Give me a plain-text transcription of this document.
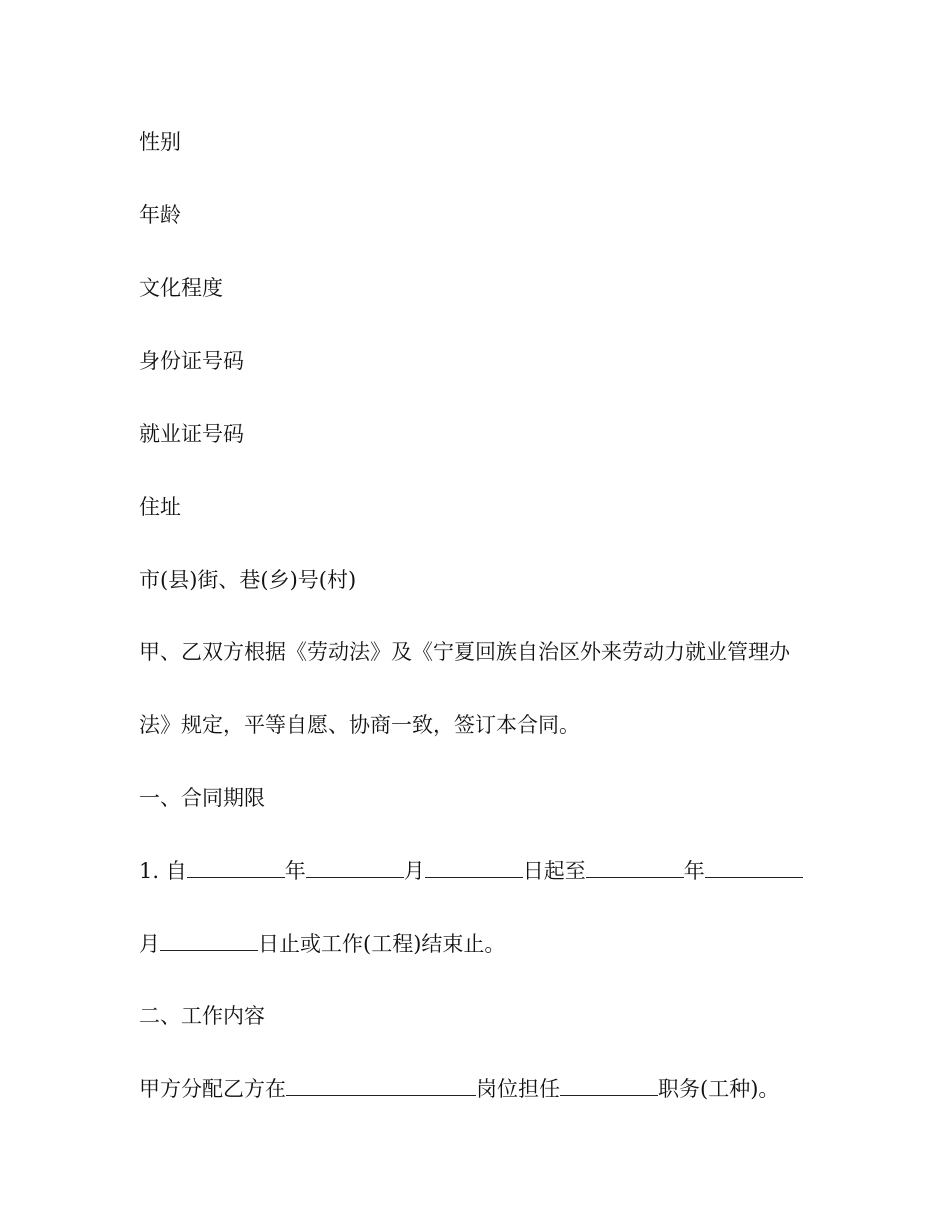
性别
年龄
文化程度
身份证号码
就业证号码
住址
市(县)街、巷(乡)号(村)
甲、乙双方根据《劳动法》及《宁夏回族自治区外来劳动力就业管理办
法》规定，平等自愿、协商一致，签订本合同。
一、合同期限
1. 自	年	月	日起至	年
月	日止或工作(工程)结束止。
二、工作内容
甲方分配乙方在	岗位担任	职务(工种)。
